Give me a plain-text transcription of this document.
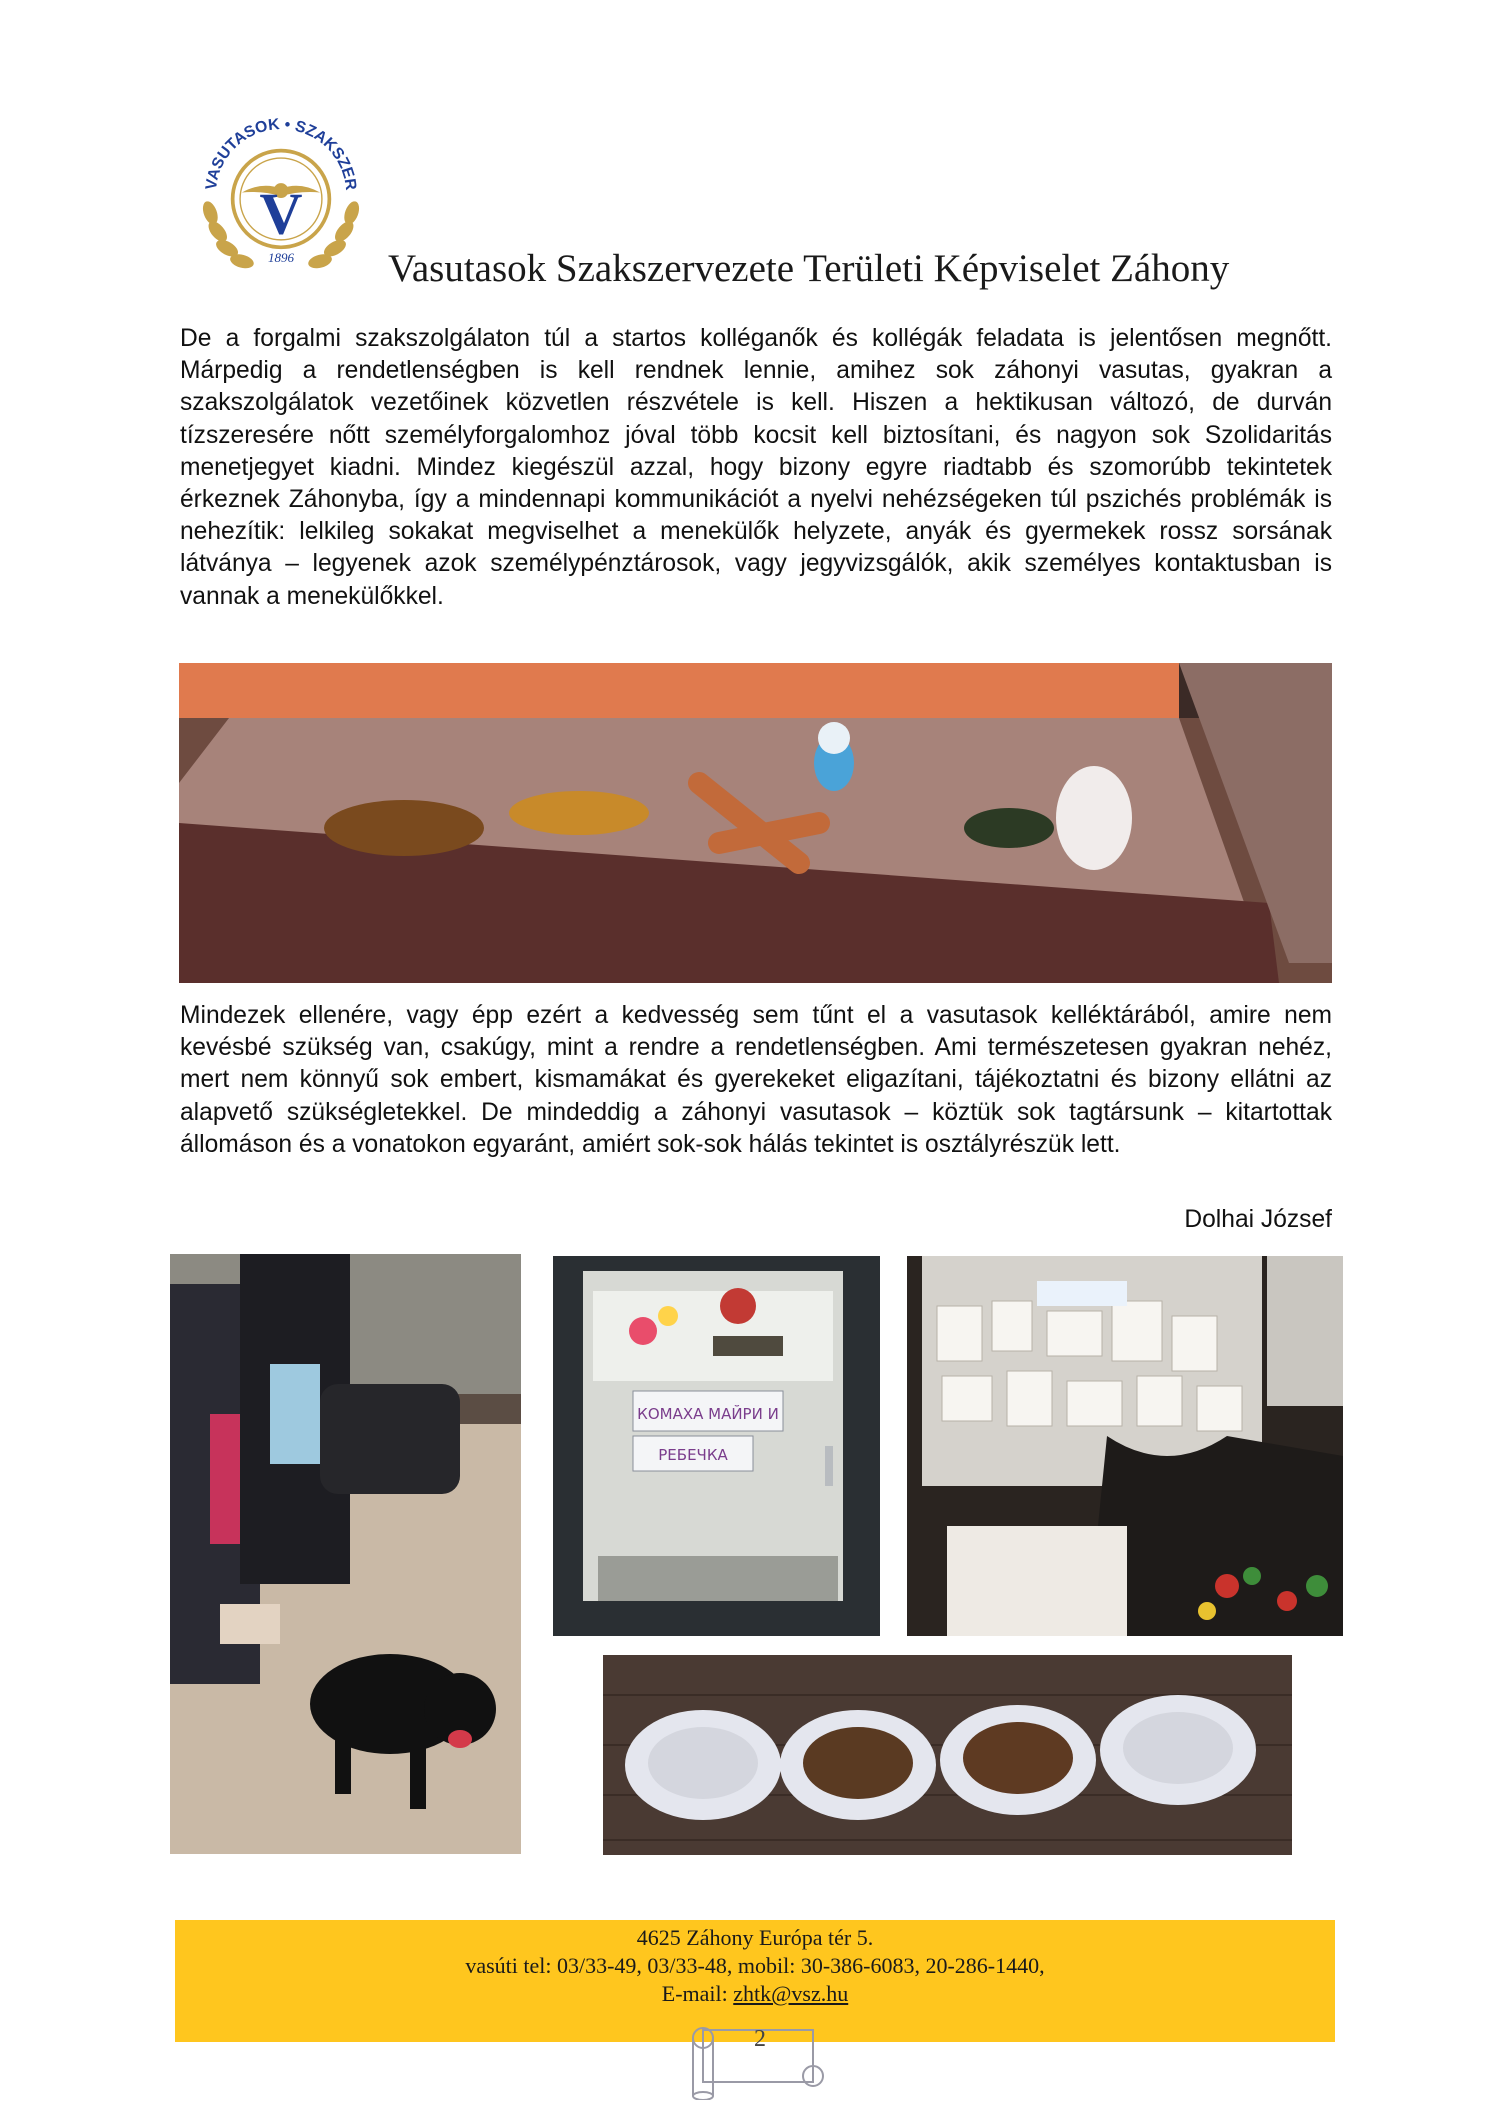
VASUTASOK • SZAKSZER
V
1896 Vasutasok Szakszervezete Területi Képviselet Záhony

De a forgalmi szakszolgálaton túl a startos kolléganők és kollégák feladata is jelentősen megnőtt. Márpedig a rendetlenségben is kell rendnek lennie, amihez sok záhonyi vasutas, gyakran a szakszolgálatok vezetőinek közvetlen részvétele is kell. Hiszen a hektikusan változó, de durván tízszeresére nőtt személyforgalomhoz jóval több kocsit kell biztosítani, és nagyon sok Szolidaritás menetjegyet kiadni. Mindez kiegészül azzal, hogy bizony egyre riadtabb és szomorúbb tekintetek érkeznek Záhonyba, így a mindennapi kommunikációt a nyelvi nehézségeken túl pszichés problémák is nehezítik: lelkileg sokakat megviselhet a menekülők helyzete, anyák és gyermekek rossz sorsának látványa – legyenek azok személypénztárosok, vagy jegyvizsgálók, akik személyes kontaktusban is vannak a menekülőkkel.

Mindezek ellenére, vagy épp ezért a kedvesség sem tűnt el a vasutasok kelléktárából, amire nem kevésbé szükség van, csakúgy, mint a rendre a rendetlenségben. Ami természetesen gyakran nehéz, mert nem könnyű sok embert, kismamákat és gyerekeket eligazítani, tájékoztatni és bizony ellátni az alapvető szükségletekkel. De mindeddig a záhonyi vasutasok – köztük sok tagtársunk – kitartottak állomáson és a vonatokon egyaránt, amiért sok-sok hálás tekintet is osztályrészük lett.

Dolhai József
КОМАХА МАЙРИ И
РЕБЕЧКА
4625 Záhony Európa tér 5.
vasúti tel: 03/33-49, 03/33-48, mobil: 30-386-6083, 20-286-1440,
E-mail: zhtk@vsz.hu
2
